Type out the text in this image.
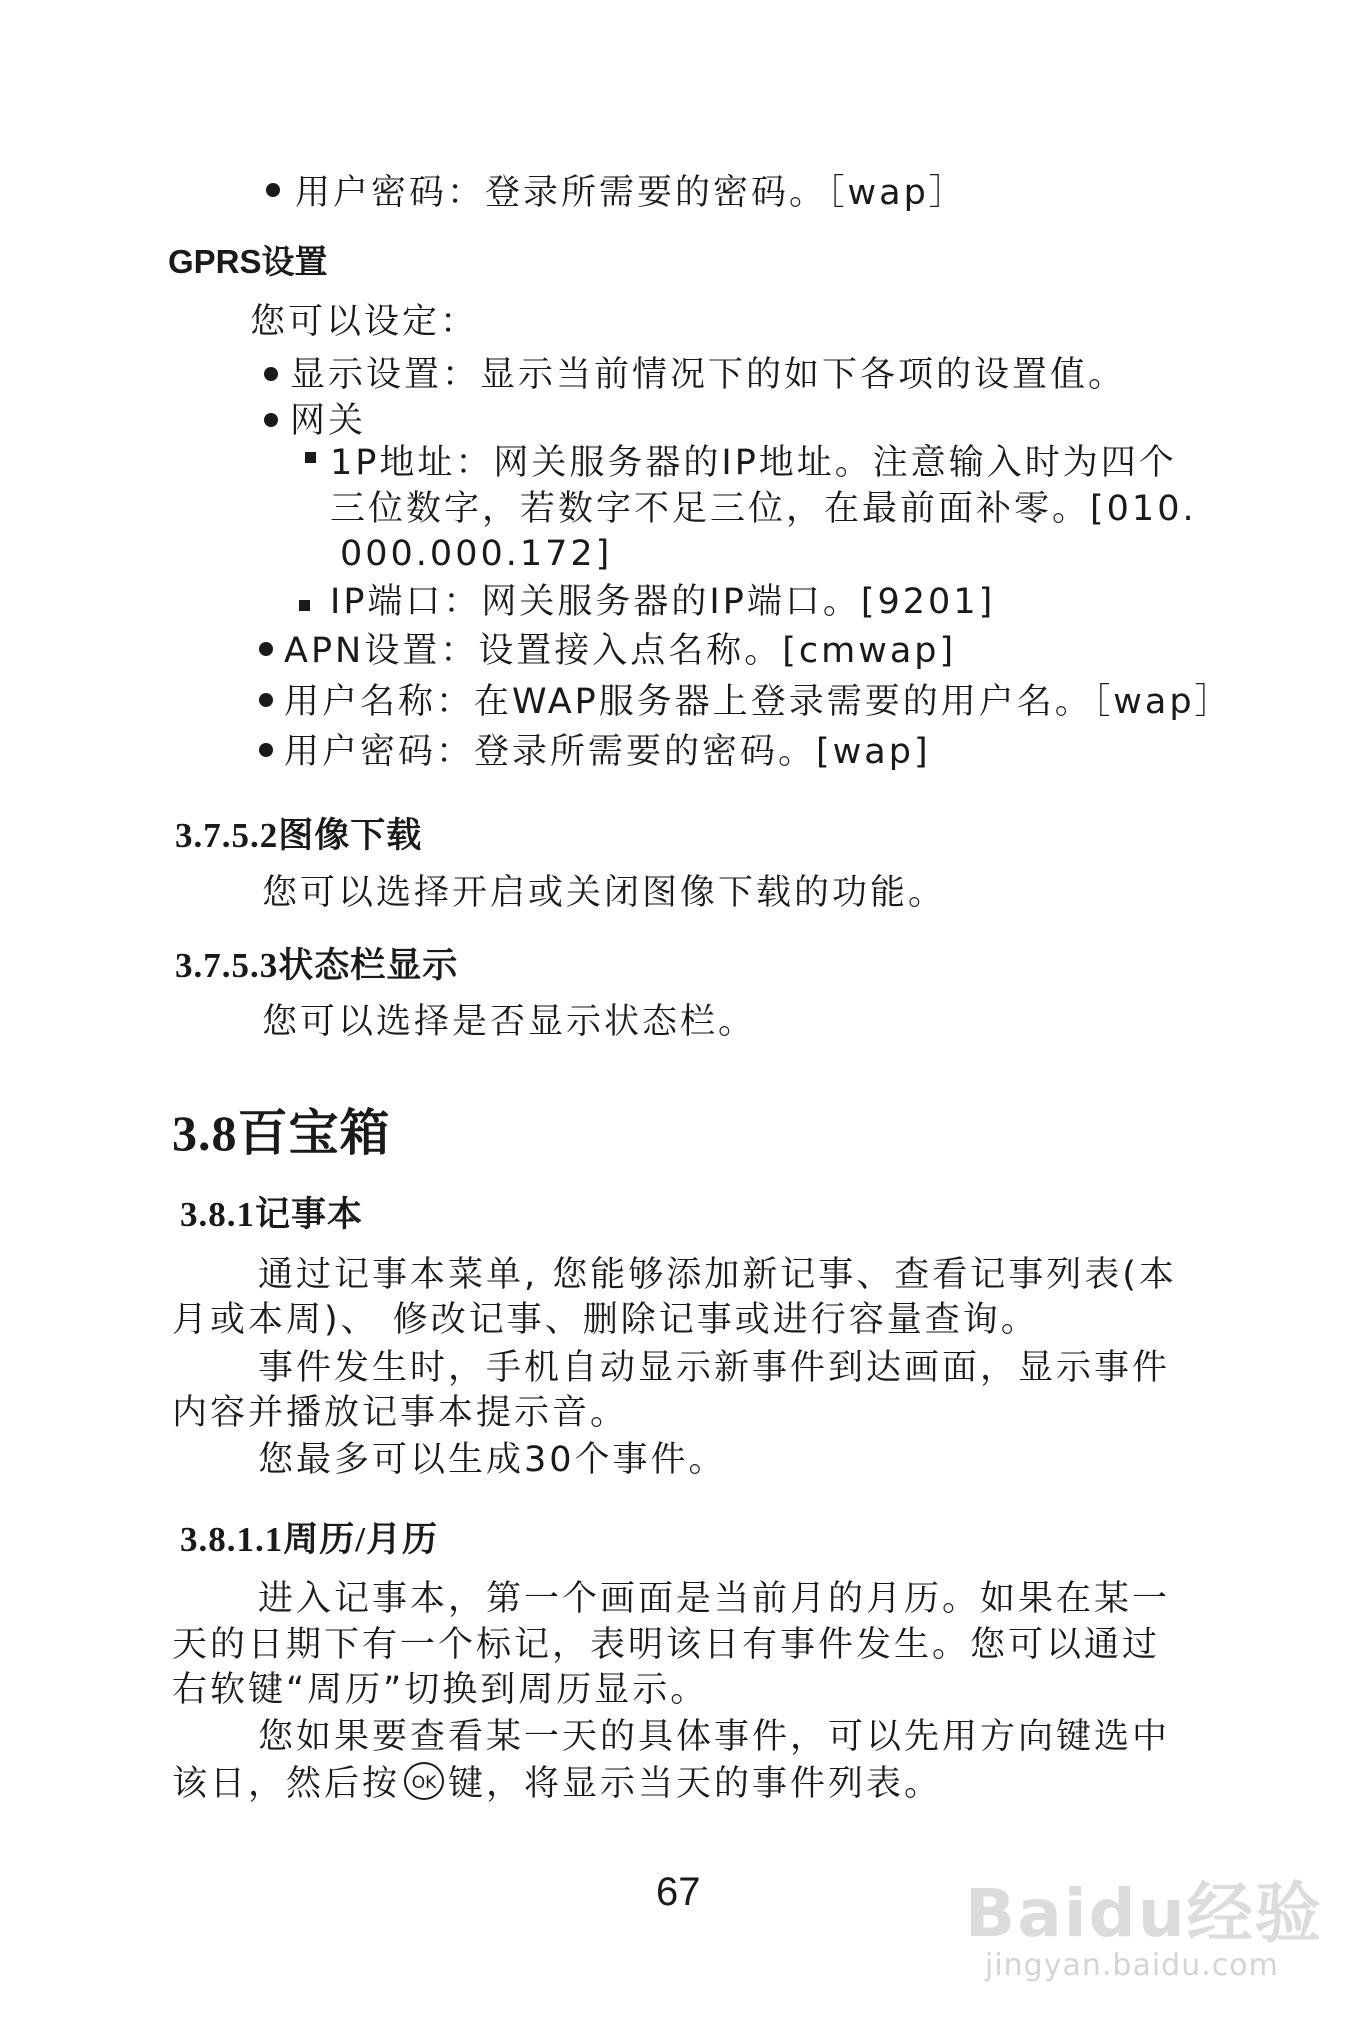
用户密码：登录所需要的密码。［wap］
GPRS设置
您可以设定：
显示设置：显示当前情况下的如下各项的设置值。
网关
1P地址：网关服务器的IP地址。注意输入时为四个
三位数字，若数字不足三位，在最前面补零。[010.
000.000.172]
IP端口：网关服务器的IP端口。[9201]
APN设置：设置接入点名称。[cmwap]
用户名称：在WAP服务器上登录需要的用户名。［wap］
用户密码：登录所需要的密码。[wap]
3.7.5.2图像下载
您可以选择开启或关闭图像下载的功能。
3.7.5.3状态栏显示
您可以选择是否显示状态栏。
3.8百宝箱
3.8.1记事本
通过记事本菜单, 您能够添加新记事、查看记事列表(本
月或本周)、 修改记事、删除记事或进行容量查询。
事件发生时，手机自动显示新事件到达画面，显示事件
内容并播放记事本提示音。
您最多可以生成30个事件。
3.8.1.1周历/月历
进入记事本，第一个画面是当前月的月历。如果在某一
天的日期下有一个标记，表明该日有事件发生。您可以通过
右软键“周历”切换到周历显示。
您如果要查看某一天的具体事件，可以先用方向键选中
该日，然后按 OK 键，将显示当天的事件列表。
67	Baidu经验
jingyan.baidu.com
